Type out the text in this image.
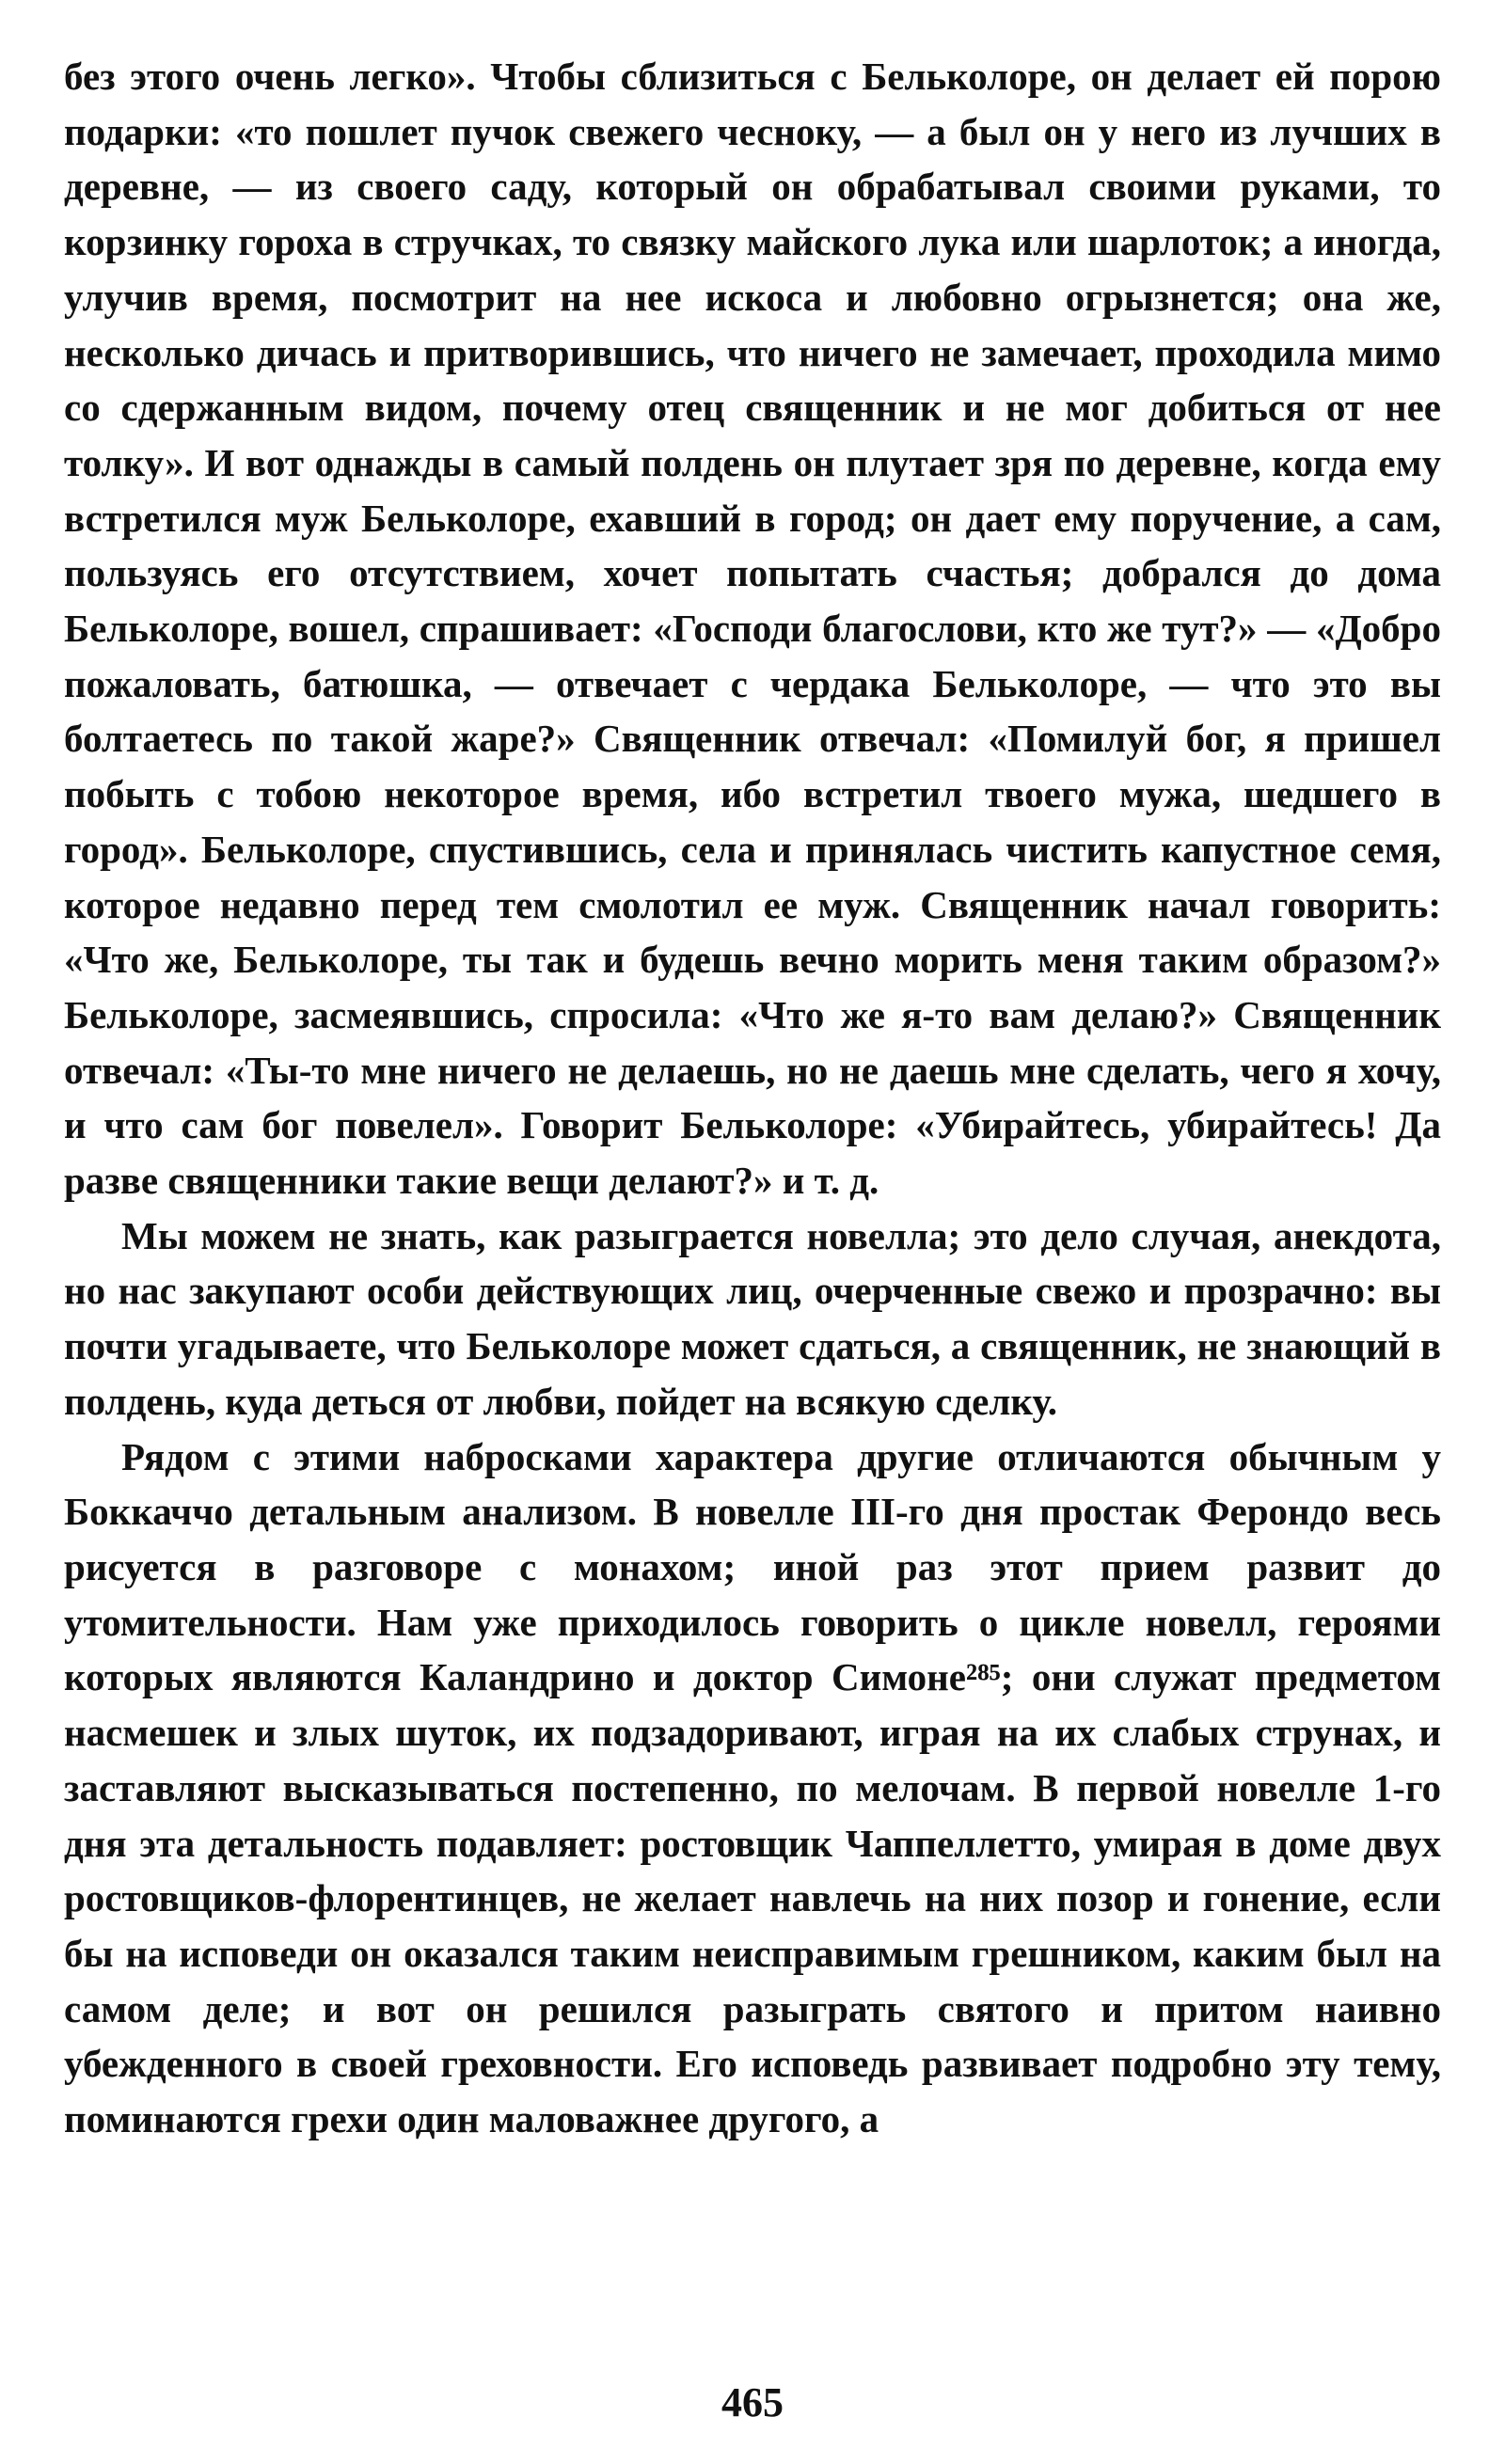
без этого очень легко». Чтобы сблизиться с Бельколоре, он делает ей порою подарки: «то пошлет пучок свежего чесноку, — а был он у него из лучших в деревне, — из своего саду, который он обрабатывал своими руками, то корзинку гороха в стручках, то связку майского лука или шарлоток; а иногда, улучив время, посмотрит на нее искоса и любовно огрызнется; она же, несколько дичась и притворившись, что ничего не замечает, проходила мимо со сдержанным видом, почему отец священник и не мог добиться от нее толку». И вот однажды в самый полдень он плутает зря по деревне, когда ему встретился муж Бельколоре, ехавший в город; он дает ему поручение, а сам, пользуясь его отсутствием, хочет попытать счастья; добрался до дома Бельколоре, вошел, спрашивает: «Господи благослови, кто же тут?» — «Добро пожаловать, батюшка, — отвечает с чердака Бельколоре, — что это вы болтаетесь по такой жаре?» Священник отвечал: «Помилуй бог, я пришел побыть с тобою некоторое время, ибо встретил твоего мужа, шедшего в город». Бельколоре, спустившись, села и принялась чистить капустное семя, которое недавно перед тем смолотил ее муж. Священник начал говорить: «Что же, Бельколоре, ты так и будешь вечно морить меня таким образом?» Бельколоре, засмеявшись, спросила: «Что же я-то вам делаю?» Священник отвечал: «Ты-то мне ничего не делаешь, но не даешь мне сделать, чего я хочу, и что сам бог повелел». Говорит Бельколоре: «Убирайтесь, убирайтесь! Да разве священники такие вещи делают?» и т. д.

Мы можем не знать, как разыграется новелла; это дело случая, анекдота, но нас закупают особи действующих лиц, очерченные свежо и прозрачно: вы почти угадываете, что Бельколоре может сдаться, а священник, не знающий в полдень, куда деться от любви, пойдет на всякую сделку.

Рядом с этими набросками характера другие отличаются обычным у Боккаччо детальным анализом. В новелле III-го дня простак Ферондо весь рисуется в разговоре с монахом; иной раз этот прием развит до утомительности. Нам уже приходилось говорить о цикле новелл, героями которых являются Каландрино и доктор Симоне²⁸⁵; они служат предметом насмешек и злых шуток, их подзадоривают, играя на их слабых струнах, и заставляют высказываться постепенно, по мелочам. В первой новелле 1-го дня эта детальность подавляет: ростовщик Чаппеллетто, умирая в доме двух ростовщиков-флорентинцев, не желает навлечь на них позор и гонение, если бы на исповеди он оказался таким неисправимым грешником, каким был на самом деле; и вот он решился разыграть святого и притом наивно убежденного в своей греховности. Его исповедь развивает подробно эту тему, поминаются грехи один маловажнее другого, а

465
